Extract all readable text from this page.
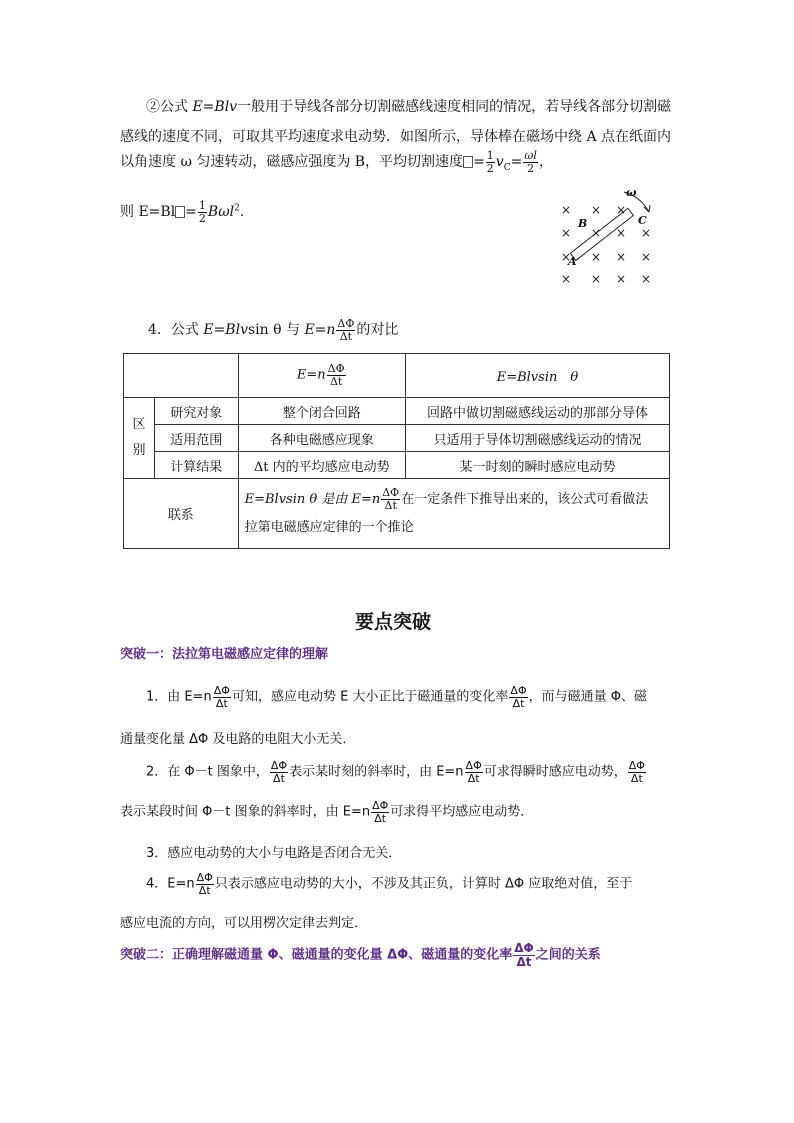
②公式 E=Blv一般用于导线各部分切割磁感线速度相同的情况，若导线各部分切割磁
感线的速度不同，可取其平均速度求电动势．如图所示，导体棒在磁场中绕 A 点在纸面内
以角速度 ω 匀速转动，磁感应强度为 B，平均切割速度 = $\frac{1}{2} v_C= \frac{\omega l}{2}$ ，
则 $E=Bl = \frac{1}{2} B\omega l^2$.	× × ×
× × × ×
× × × ×
× × × ×
A
B	C
ω
4．公式 E=Blvsin θ 与 $E=n \frac{\Delta\Phi}{\Delta t}$ 的对比
		$E=n \frac{\Delta\Phi}{\Delta t}$	E=Blvsin　θ
区 别	研究对象	整个闭合回路	回路中做切割磁感线运动的那部分导体
	适用范围	各种电磁感应现象	只适用于导体切割磁感线运动的情况
	计算结果	Δt 内的平均感应电动势	某一时刻的瞬时感应电动势
联系		E=Blvsin θ 是由 $E=n \frac{\Delta\Phi}{\Delta t}$ 在一定条件下推导出来的，该公式可看做法
拉第电磁感应定律的一个推论	
要点突破
突破一：法拉第电磁感应定律的理解
1．由 $E=n \frac{\Delta\Phi}{\Delta t}$ 可知，感应电动势 E 大小正比于磁通量的变化率 $\frac{\Delta\Phi}{\Delta t}$ ，而与磁通量 Φ、磁
通量变化量 ΔΦ 及电路的电阻大小无关．
2．在 Φ－t 图象中， $\frac{\Delta\Phi}{\Delta t}$ 表示某时刻的斜率时，由 $E=n \frac{\Delta\Phi}{\Delta t}$ 可求得瞬时感应电动势， $\frac{\Delta\Phi}{\Delta t}$
表示某段时间 Φ－t 图象的斜率时，由 $E=n \frac{\Delta\Phi}{\Delta t}$ 可求得平均感应电动势．
3．感应电动势的大小与电路是否闭合无关．
4．$E=n \frac{\Delta\Phi}{\Delta t}$ 只表示感应电动势的大小，不涉及其正负，计算时 ΔΦ 应取绝对值，至于
感应电流的方向，可以用楞次定律去判定．
突破二：正确理解磁通量 Φ、磁通量的变化量 ΔΦ、磁通量的变化率 $\frac{\Delta\Phi}{\Delta t}$ 之间的关系
